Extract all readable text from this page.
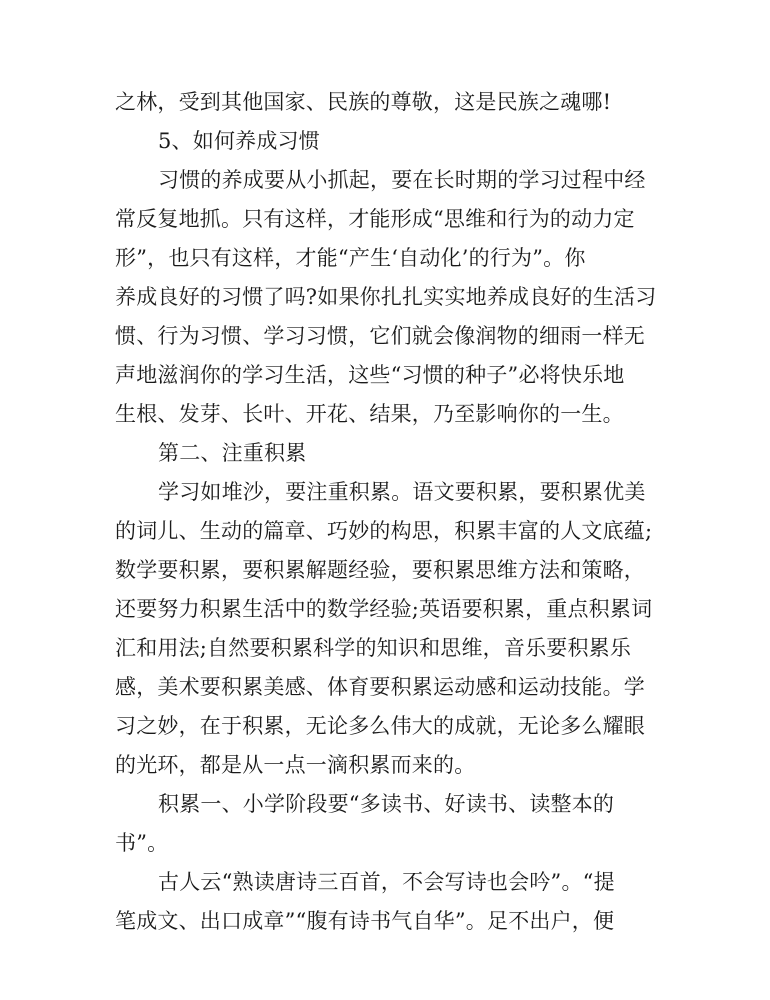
之林，受到其他国家、民族的尊敬，这是民族之魂哪!
5、如何养成习惯
习惯的养成要从小抓起，要在长时期的学习过程中经
常反复地抓。只有这样，才能形成“思维和行为的动力定
形”，也只有这样，才能“产生‘自动化’的行为”。你
养成良好的习惯了吗?如果你扎扎实实地养成良好的生活习
惯、行为习惯、学习习惯，它们就会像润物的细雨一样无
声地滋润你的学习生活，这些“习惯的种子”必将快乐地
生根、发芽、长叶、开花、结果，乃至影响你的一生。
第二、注重积累
学习如堆沙，要注重积累。语文要积累，要积累优美
的词儿、生动的篇章、巧妙的构思，积累丰富的人文底蕴;
数学要积累，要积累解题经验，要积累思维方法和策略，
还要努力积累生活中的数学经验;英语要积累，重点积累词
汇和用法;自然要积累科学的知识和思维，音乐要积累乐
感，美术要积累美感、体育要积累运动感和运动技能。学
习之妙，在于积累，无论多么伟大的成就，无论多么耀眼
的光环，都是从一点一滴积累而来的。
积累一、小学阶段要“多读书、好读书、读整本的
书”。
古人云“熟读唐诗三百首，不会写诗也会吟”。“提
笔成文、出口成章”“腹有诗书气自华”。足不出户，便
